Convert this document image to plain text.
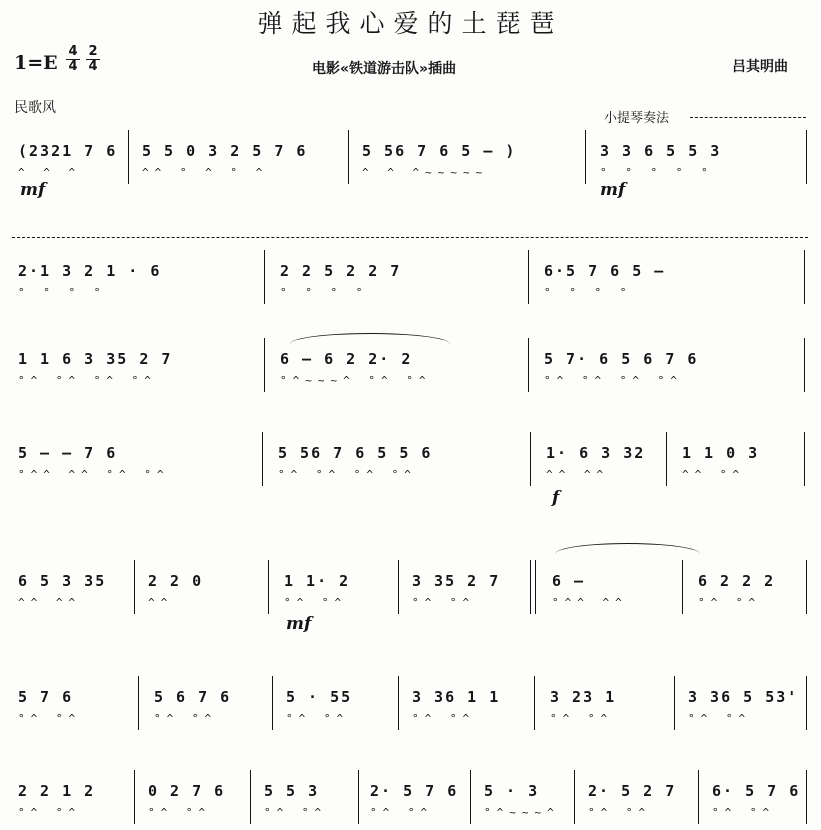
弹起我心爱的土琵琶
1=E
4
4
2
4	电影«铁道游击队»插曲	吕其明曲
民歌风
小提琴奏法
(2321 7 6
^ ^ ^
5 5 0 3 2 5 7 6
^^ ° ^ ° ^
5 56 7 6 5 – )
^ ^ ^~~~~~
3 3 6 5 5 3
° ° ° ° °
mf	mf
2·1 3 2 1 · 6
° ° ° °
2 2 5 2 2 7
° ° ° °
6·5 7 6 5 –
° ° ° °
1 1 6 3 35 2 7
°^ °^ °^ °^
6 – 6 2 2· 2
°^~~~^ °^ °^
5 7· 6 5 6 7 6
°^ °^ °^ °^
5 – – 7 6
°^^ ^^ °^ °^
5 56 7 6 5 5 6
°^ °^ °^ °^
1· 6 3 32
^^ ^^
1 1 0 3
^^ °^
f
6 5 3 35
^^ ^^
2 2 0
^^
1 1· 2
°^ °^
3 35 2 7
°^ °^
6 –
°^^ ^^
6 2 2 2
°^ °^
mf
5 7 6
°^ °^
5 6 7 6
°^ °^
5 · 55
°^ °^
3 36 1 1
°^ °^
3 23 1
°^ °^
3 36 5 53'
°^ °^
2 2 1 2
°^ °^
0 2 7 6
°^ °^
5 5 3
°^ °^
2· 5 7 6
°^ °^
5 · 3
°^~~~^
2· 5 2 7
°^ °^
6· 5 7 6
°^ °^
